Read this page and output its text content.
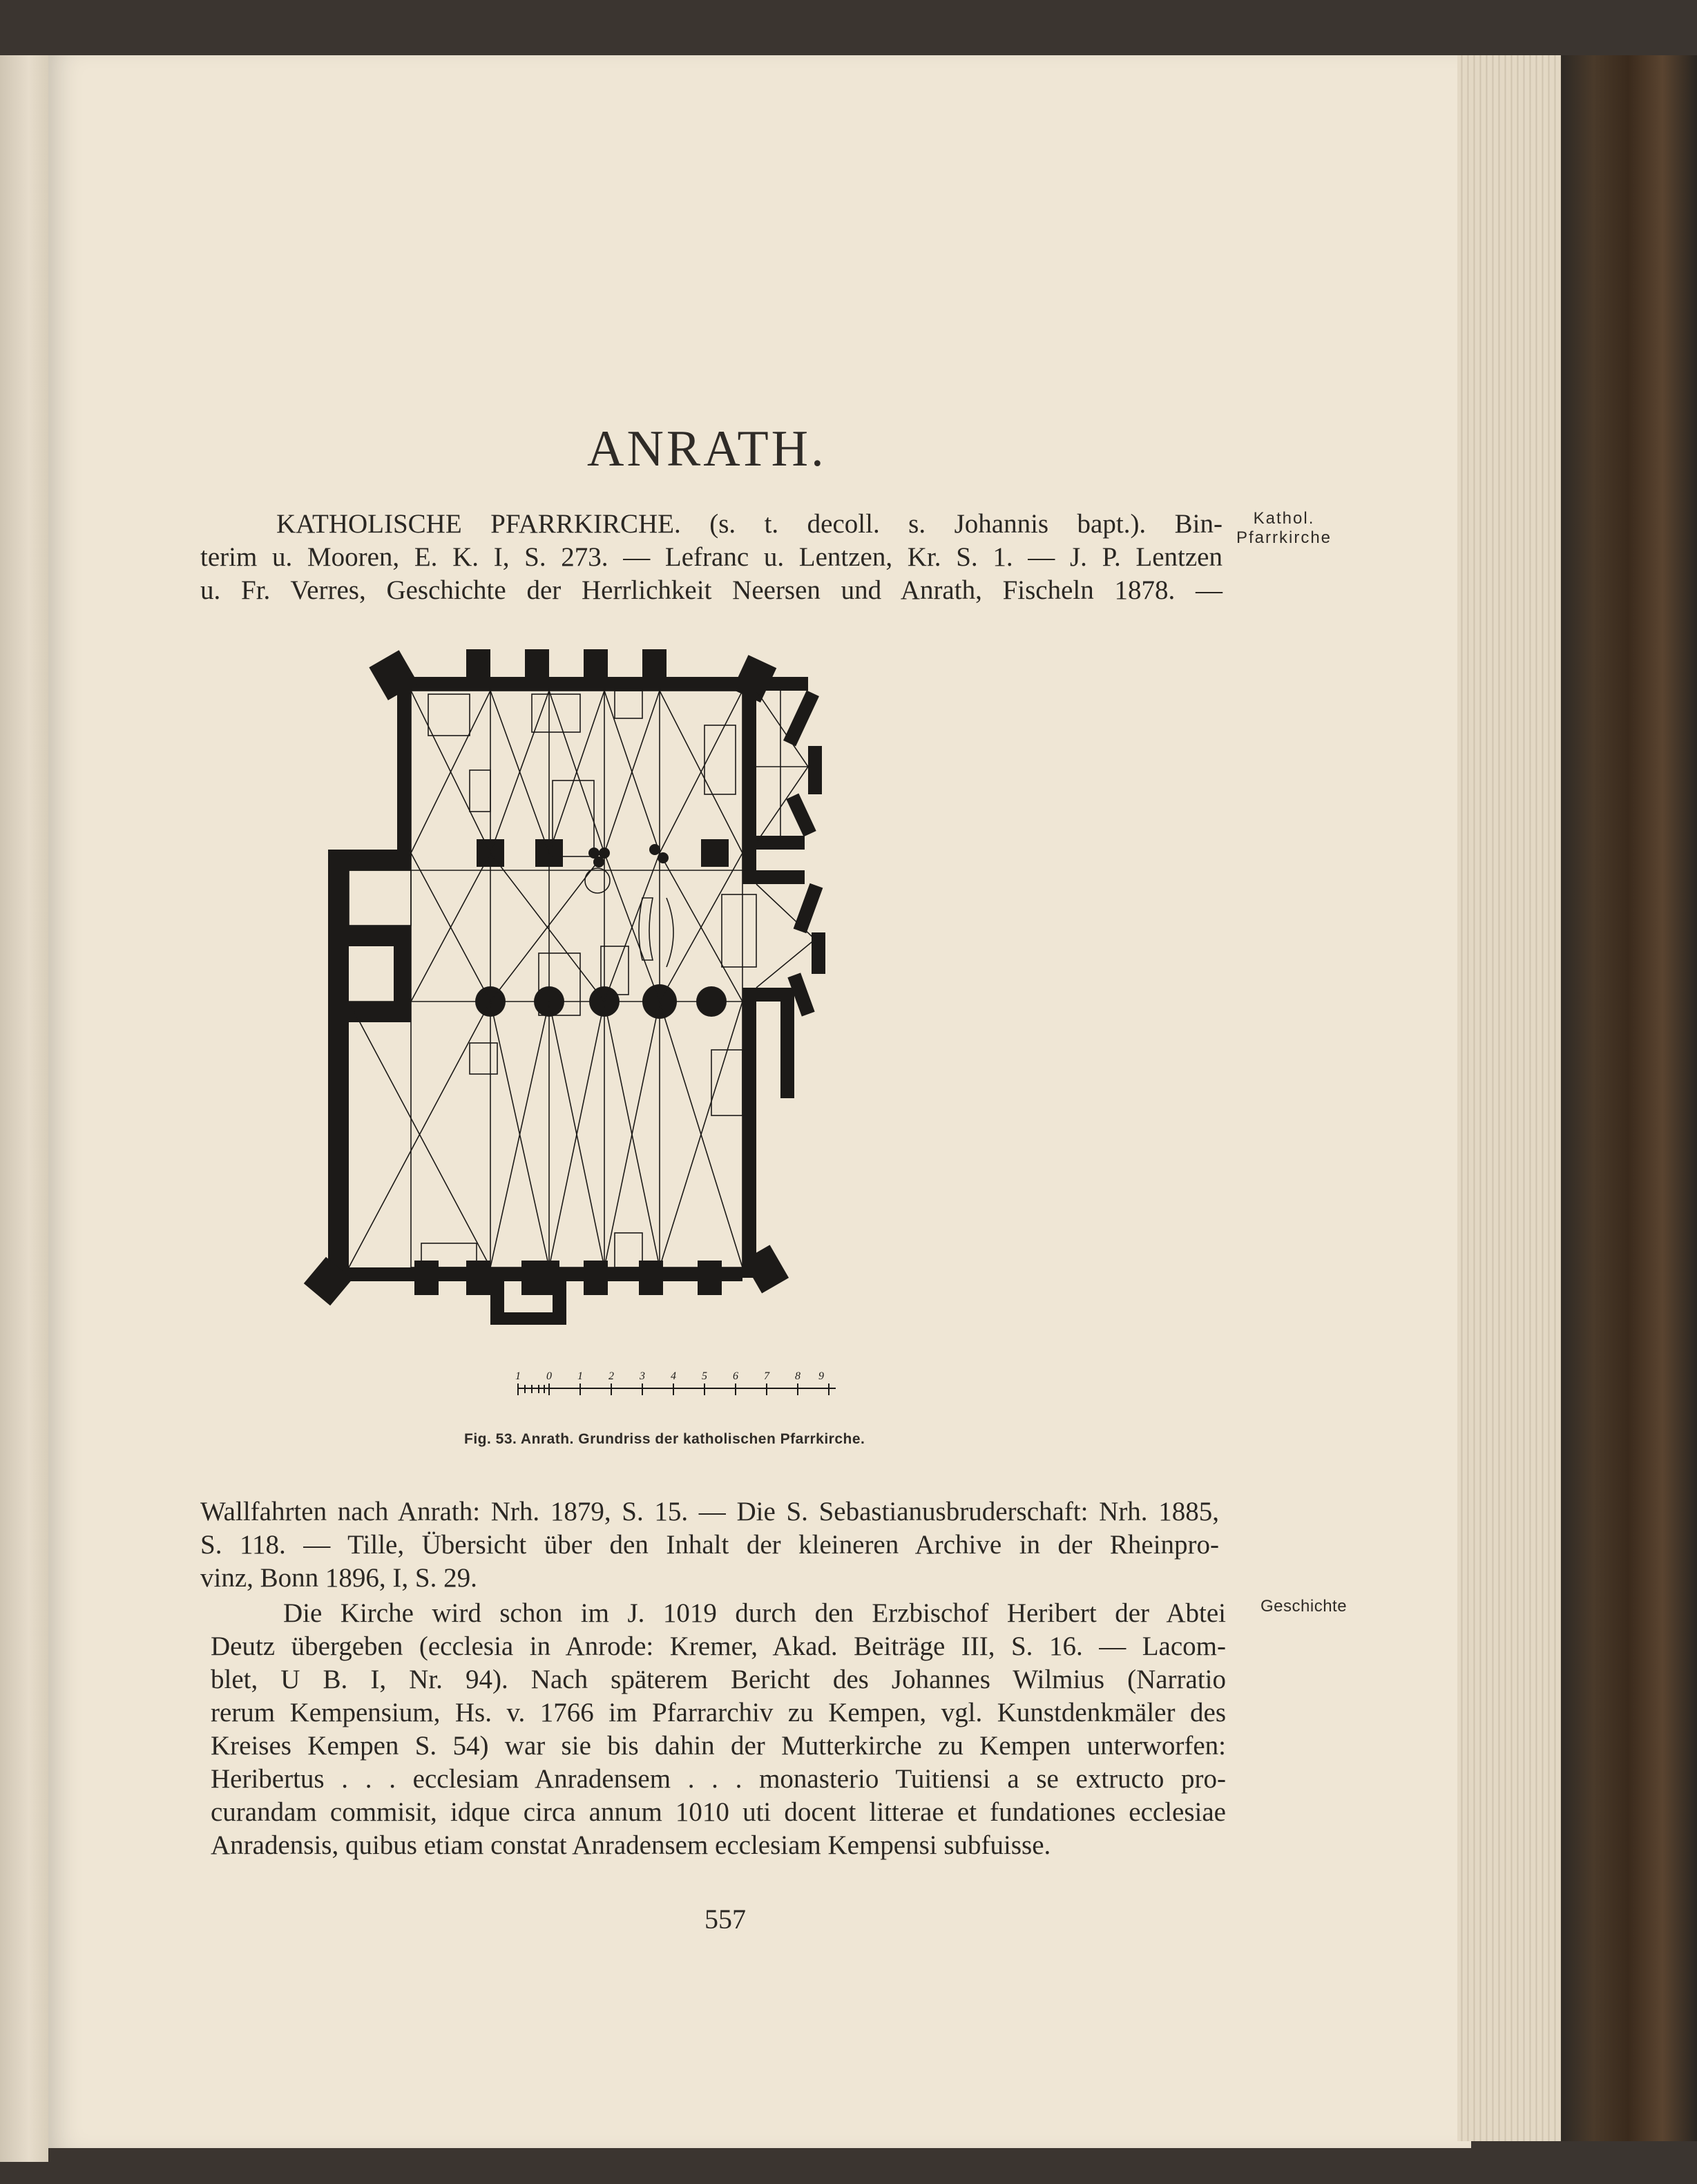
ANRATH.
Kathol.
Pfarrkirche
KATHOLISCHE PFARRKIRCHE. (s. t. decoll. s. Johannis bapt.). Bin-
terim u. Mooren, E. K. I, S. 273. — Lefranc u. Lentzen, Kr. S. 1. — J. P. Lentzen
u. Fr. Verres, Geschichte der Herrlichkeit Neersen und Anrath, Fischeln 1878. —
1 0 1 2 3 4 5 6 7 8 9
Fig. 53. Anrath. Grundriss der katholischen Pfarrkirche.
Wallfahrten nach Anrath: Nrh. 1879, S. 15. — Die S. Sebastianusbruderschaft: Nrh. 1885,
S. 118. — Tille, Übersicht über den Inhalt der kleineren Archive in der Rheinpro-
vinz, Bonn 1896, I, S. 29.
Geschichte
Die Kirche wird schon im J. 1019 durch den Erzbischof Heribert der Abtei
Deutz übergeben (ecclesia in Anrode: Kremer, Akad. Beiträge III, S. 16. — Lacom-
blet, U B. I, Nr. 94). Nach späterem Bericht des Johannes Wilmius (Narratio
rerum Kempensium, Hs. v. 1766 im Pfarrarchiv zu Kempen, vgl. Kunstdenkmäler des
Kreises Kempen S. 54) war sie bis dahin der Mutterkirche zu Kempen unterworfen:
Heribertus . . . ecclesiam Anradensem . . . monasterio Tuitiensi a se extructo pro-
curandam commisit, idque circa annum 1010 uti docent litterae et fundationes ecclesiae
Anradensis, quibus etiam constat Anradensem ecclesiam Kempensi subfuisse.
557
